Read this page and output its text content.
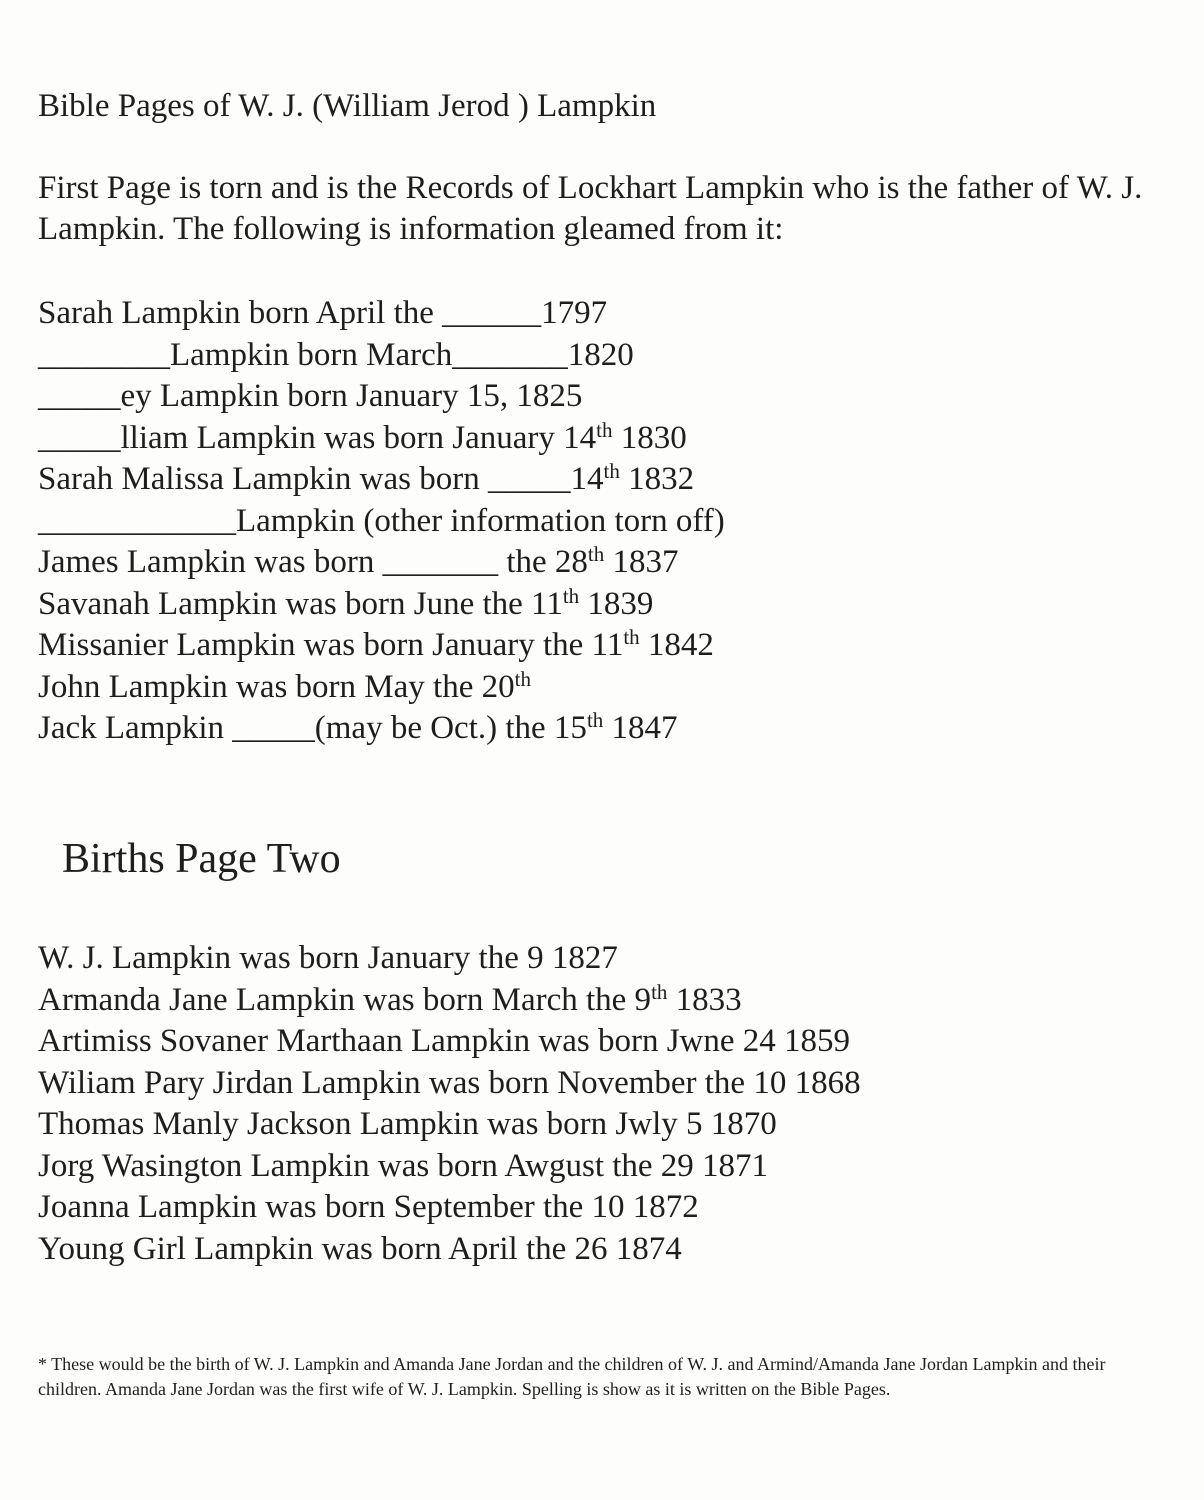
Bible Pages of W. J. (William Jerod ) Lampkin

First Page is torn and is the Records of Lockhart Lampkin who is the father of W. J. Lampkin. The following is information gleamed from it:

Sarah Lampkin born April the ______1797
________Lampkin born March_______1820
_____ey Lampkin born January 15, 1825
_____lliam Lampkin was born January 14th 1830
Sarah Malissa Lampkin was born _____14th 1832
____________Lampkin (other information torn off)
James Lampkin was born _______ the 28th 1837
Savanah Lampkin was born June the 11th 1839
Missanier Lampkin was born January the 11th 1842
John Lampkin was born May the 20th
Jack Lampkin _____(may be Oct.) the 15th 1847
Births Page Two
W. J. Lampkin was born January the 9 1827
Armanda Jane Lampkin was born March the 9th 1833
Artimiss Sovaner Marthaan Lampkin was born Jwne 24 1859
Wiliam Pary Jirdan Lampkin was born November the 10 1868
Thomas Manly Jackson Lampkin was born Jwly 5 1870
Jorg Wasington Lampkin was born Awgust the 29 1871
Joanna Lampkin was born September the 10 1872
Young Girl Lampkin was born April the 26 1874

* These would be the birth of W. J. Lampkin and Amanda Jane Jordan and the children of W. J. and Armind/Amanda Jane Jordan Lampkin and their children. Amanda Jane Jordan was the first wife of W. J. Lampkin. Spelling is show as it is written on the Bible Pages.
